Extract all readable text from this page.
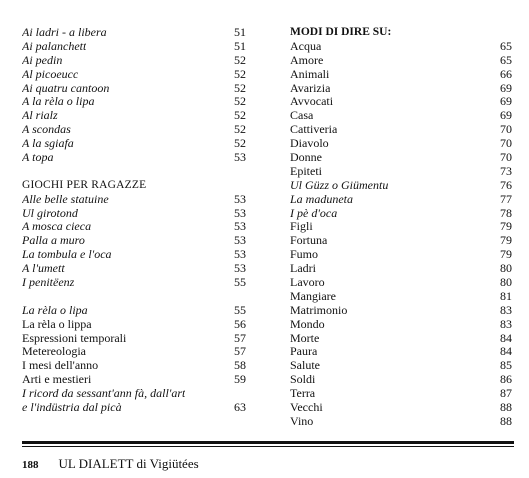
Ai ladri - a libera	51
Ai palanchett	51
Ai pedin	52
Al picoeucc	52
Ai quatru cantoon	52
A la rèla o lipa	52
Al rialz	52
A scondas	52
A la sgiafa	52
A topa	53
GIOCHI PER RAGAZZE
Alle belle statuine	53
Ul girotond	53
A mosca cieca	53
Palla a muro	53
La tombula e l'oca	53
A l'umett	53
I penitëenz	55
La rèla o lipa	55
La rèla o lippa	56
Espressioni temporali	57
Metereologia	57
I mesi dell'anno	58
Arti e mestieri	59
I ricord da sessant'ann fà, dall'art
e l'indüstria dal picà	63
MODI DI DIRE SU:
Acqua	65
Amore	65
Animali	66
Avarizia	69
Avvocati	69
Casa	69
Cattiveria	70
Diavolo	70
Donne	70
Epiteti	73
Ul Güzz o Giümentu	76
La maduneta	77
I pè d'oca	78
Figli	79
Fortuna	79
Fumo	79
Ladri	80
Lavoro	80
Mangiare	81
Matrimonio	83
Mondo	83
Morte	84
Paura	84
Salute	85
Soldi	86
Terra	87
Vecchi	88
Vino	88
188 UL DIALETT di Vigiütées
